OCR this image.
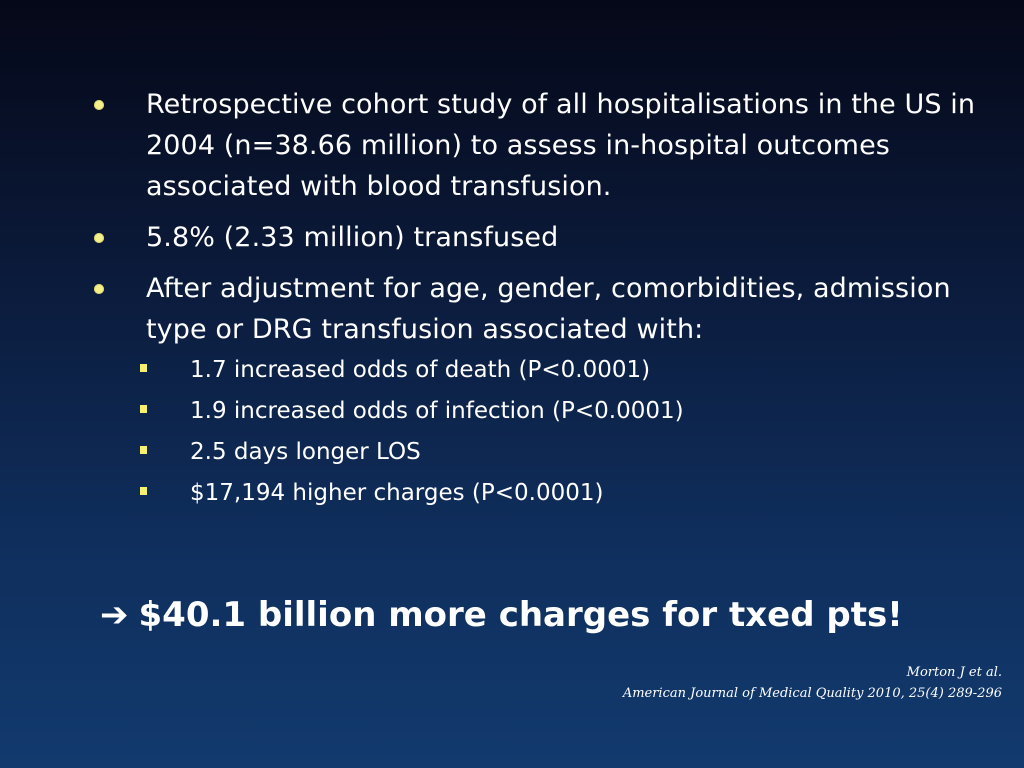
Retrospective cohort study of all hospitalisations in the US in 2004 (n=38.66 million) to assess in-hospital outcomes associated with blood transfusion.
5.8% (2.33 million) transfused
After adjustment for age, gender, comorbidities, admission type or DRG transfusion associated with:
1.7 increased odds of death (P<0.0001)
1.9 increased odds of infection (P<0.0001)
2.5 days longer LOS
$17,194 higher charges (P<0.0001)
➔ $40.1 billion more charges for txed pts!
Morton J et al.
American Journal of Medical Quality 2010, 25(4) 289-296
